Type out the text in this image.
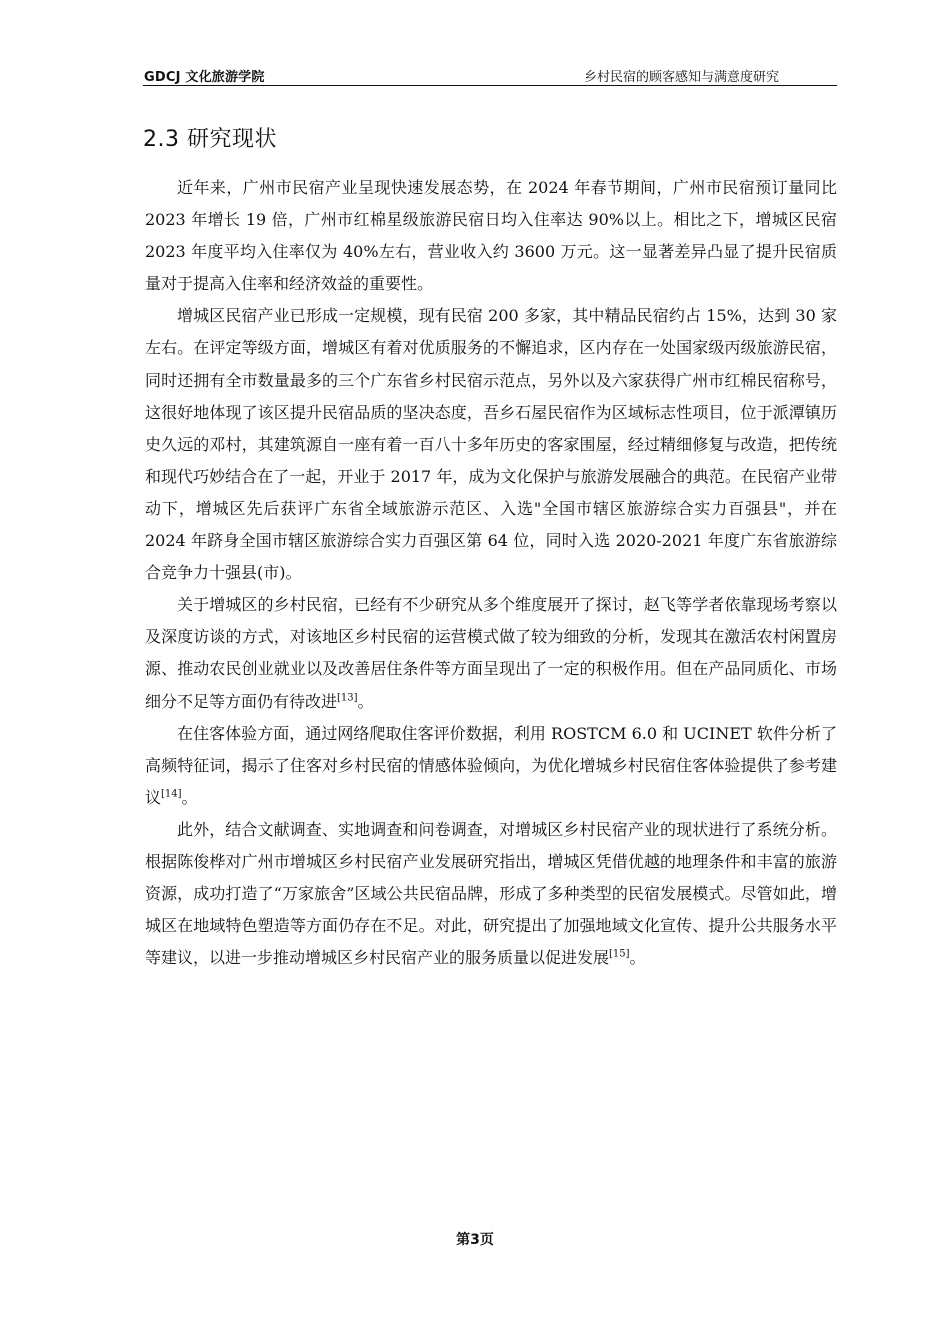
GDCJ 文化旅游学院	乡村民宿的顾客感知与满意度研究
2.3 研究现状

近年来，广州市民宿产业呈现快速发展态势，在 2024 年春节期间，广州市民宿预订量同比 2023 年增长 19 倍，广州市红棉星级旅游民宿日均入住率达 90%以上。相比之下，增城区民宿 2023 年度平均入住率仅为 40%左右，营业收入约 3600 万元。这一显著差异凸显了提升民宿质量对于提高入住率和经济效益的重要性。

增城区民宿产业已形成一定规模，现有民宿 200 多家，其中精品民宿约占 15%，达到 30 家左右。在评定等级方面，增城区有着对优质服务的不懈追求，区内存在一处国家级丙级旅游民宿，同时还拥有全市数量最多的三个广东省乡村民宿示范点，另外以及六家获得广州市红棉民宿称号，这很好地体现了该区提升民宿品质的坚决态度，吾乡石屋民宿作为区域标志性项目，位于派潭镇历史久远的邓村，其建筑源自一座有着一百八十多年历史的客家围屋，经过精细修复与改造，把传统和现代巧妙结合在了一起，开业于 2017 年，成为文化保护与旅游发展融合的典范。在民宿产业带动下，增城区先后获评广东省全域旅游示范区、入选"全国市辖区旅游综合实力百强县"，并在 2024 年跻身全国市辖区旅游综合实力百强区第 64 位，同时入选 2020-2021 年度广东省旅游综合竞争力十强县(市)。

关于增城区的乡村民宿，已经有不少研究从多个维度展开了探讨，赵飞等学者依靠现场考察以及深度访谈的方式，对该地区乡村民宿的运营模式做了较为细致的分析，发现其在激活农村闲置房源、推动农民创业就业以及改善居住条件等方面呈现出了一定的积极作用。但在产品同质化、市场细分不足等方面仍有待改进[13]。

在住客体验方面，通过网络爬取住客评价数据，利用 ROSTCM 6.0 和 UCINET 软件分析了高频特征词，揭示了住客对乡村民宿的情感体验倾向，为优化增城乡村民宿住客体验提供了参考建议[14]。

此外，结合文献调查、实地调查和问卷调查，对增城区乡村民宿产业的现状进行了系统分析。根据陈俊桦对广州市增城区乡村民宿产业发展研究指出，增城区凭借优越的地理条件和丰富的旅游资源，成功打造了“万家旅舍”区域公共民宿品牌，形成了多种类型的民宿发展模式。尽管如此，增城区在地域特色塑造等方面仍存在不足。对此，研究提出了加强地域文化宣传、提升公共服务水平等建议，以进一步推动增城区乡村民宿产业的服务质量以促进发展[15]。

第3页
